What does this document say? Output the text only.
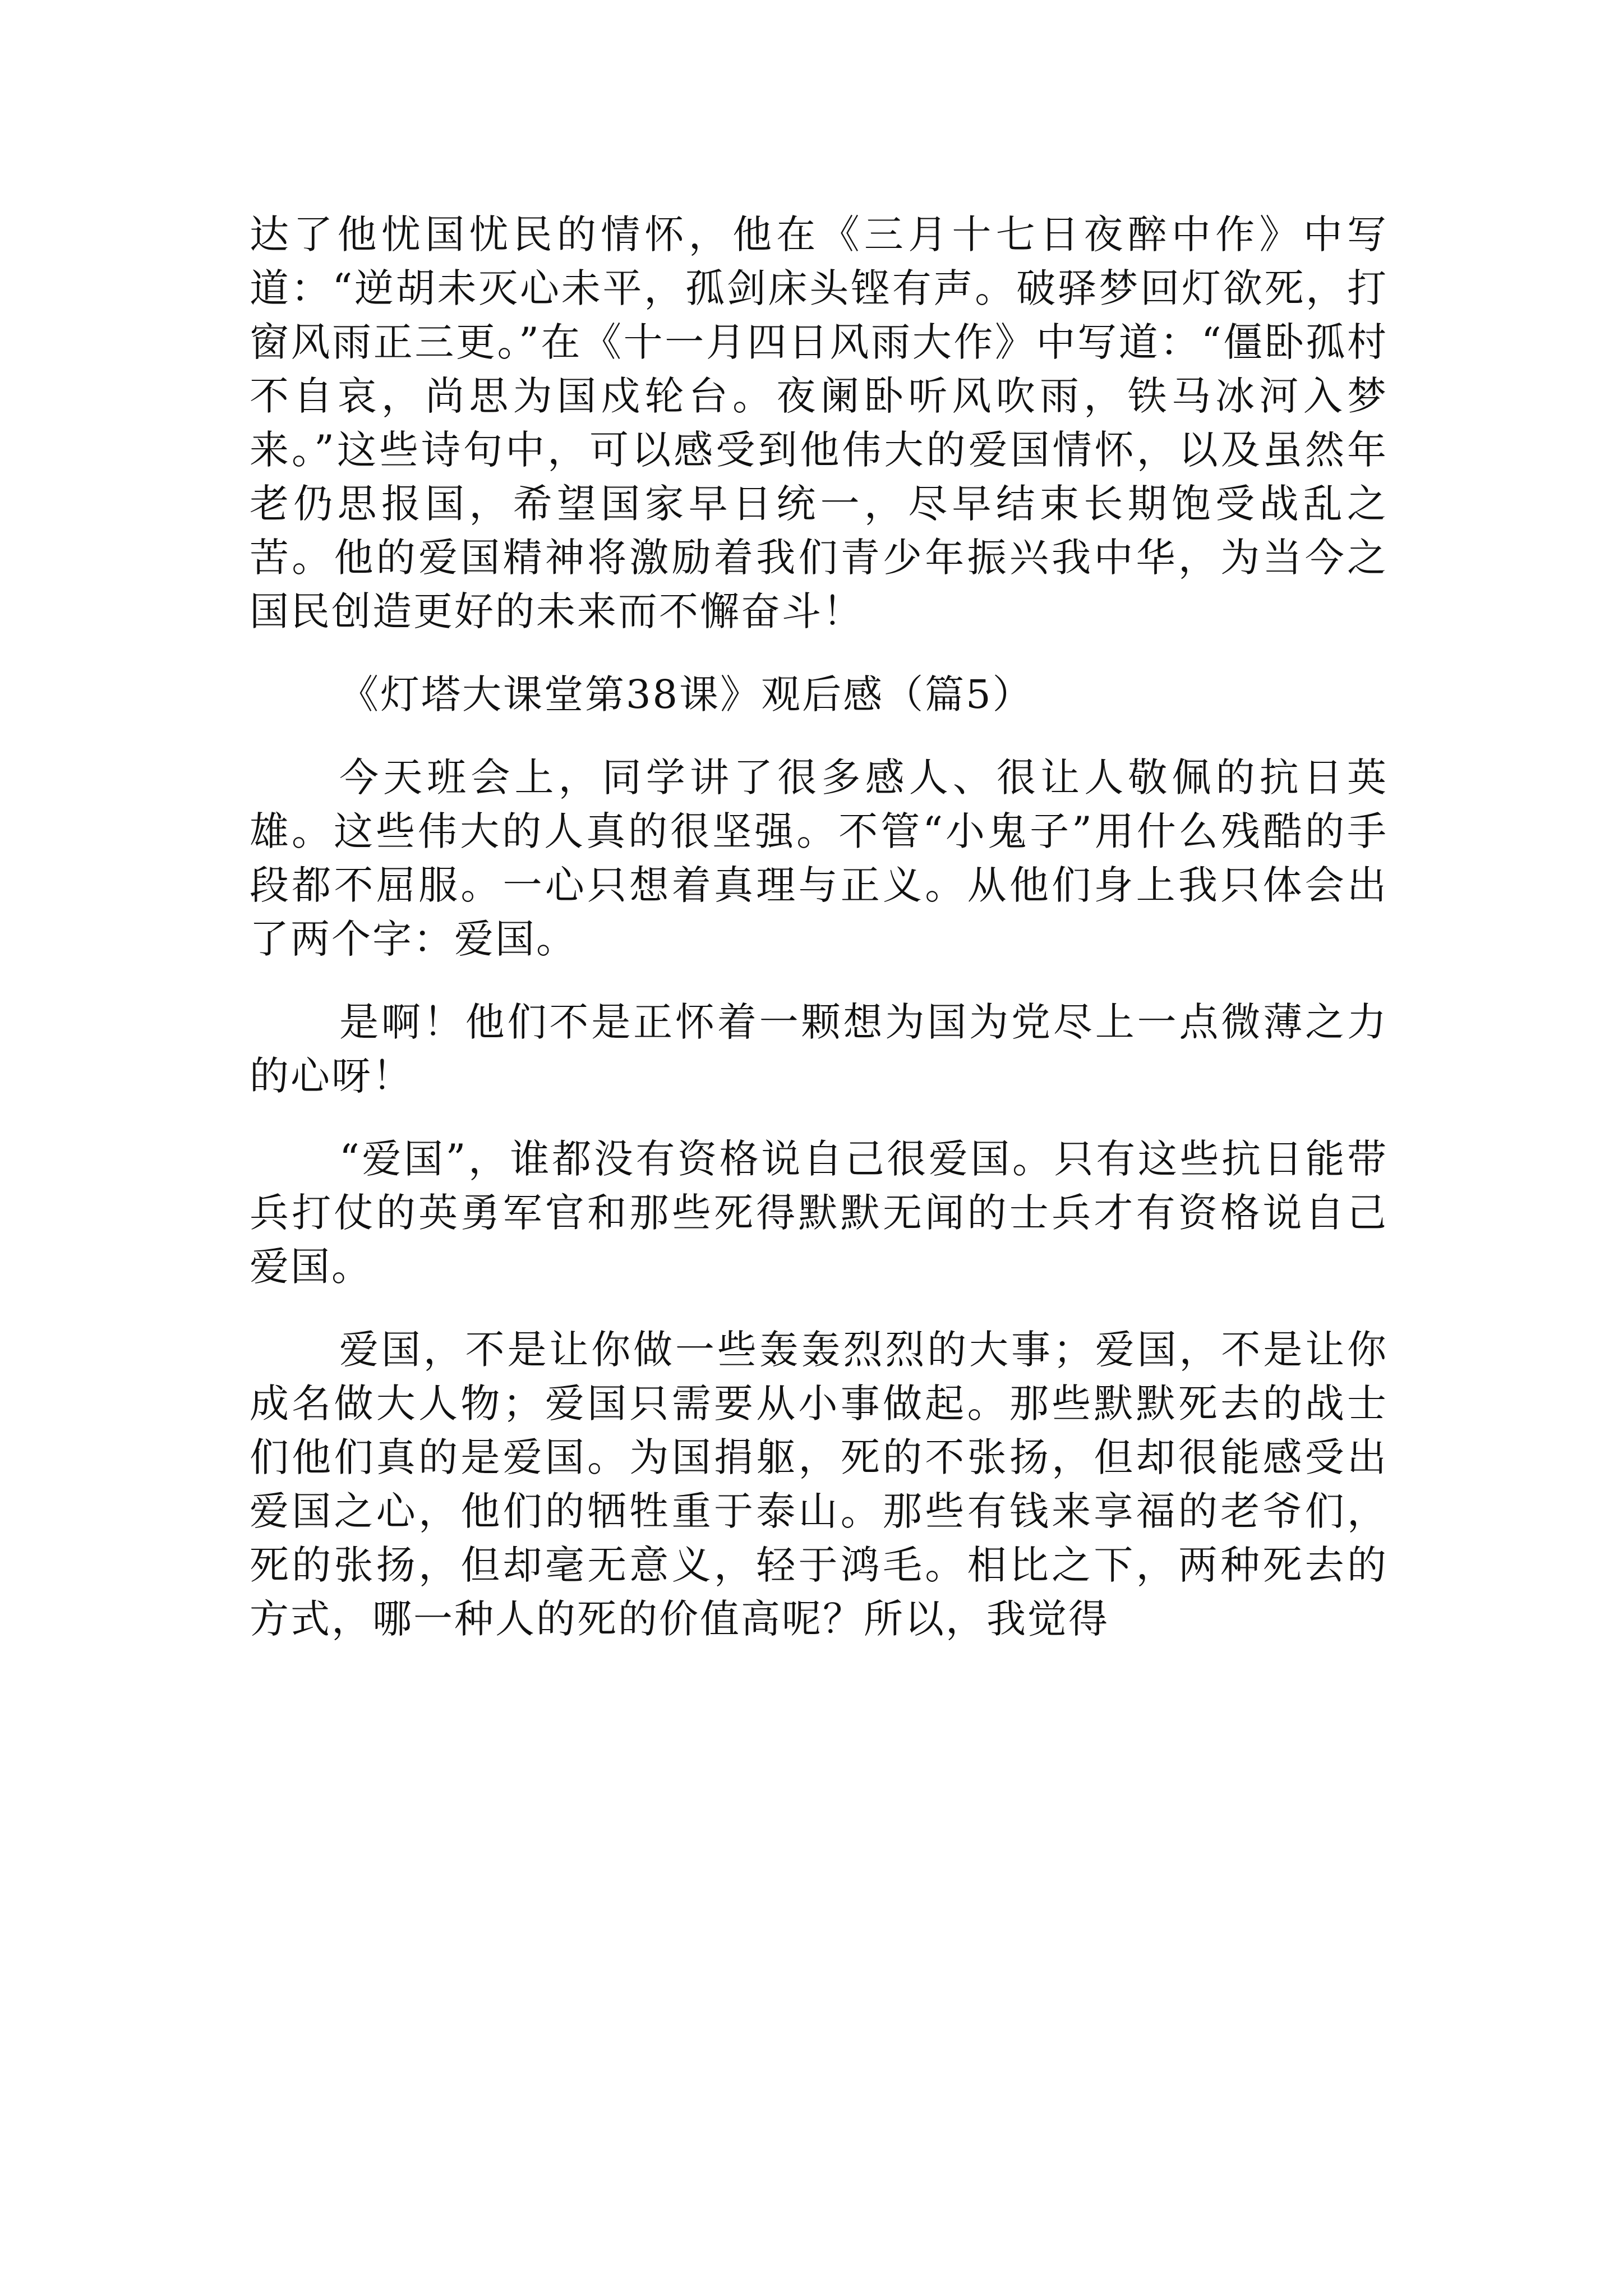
达了他忧国忧民的情怀，他在《三月十七日夜醉中作》中写道：“逆胡未灭心未平，孤剑床头铿有声。破驿梦回灯欲死，打窗风雨正三更。”在《十一月四日风雨大作》中写道：“僵卧孤村不自哀，尚思为国戍轮台。夜阑卧听风吹雨，铁马冰河入梦来。”这些诗句中，可以感受到他伟大的爱国情怀，以及虽然年老仍思报国，希望国家早日统一，尽早结束长期饱受战乱之苦。他的爱国精神将激励着我们青少年振兴我中华，为当今之国民创造更好的未来而不懈奋斗！

《灯塔大课堂第38课》观后感（篇5）

今天班会上，同学讲了很多感人、很让人敬佩的抗日英雄。这些伟大的人真的很坚强。不管“小鬼子”用什么残酷的手段都不屈服。一心只想着真理与正义。从他们身上我只体会出了两个字：爱国。

是啊！他们不是正怀着一颗想为国为党尽上一点微薄之力的心呀！

“爱国”，谁都没有资格说自己很爱国。只有这些抗日能带兵打仗的英勇军官和那些死得默默无闻的士兵才有资格说自己爱国。

爱国，不是让你做一些轰轰烈烈的大事；爱国，不是让你成名做大人物；爱国只需要从小事做起。那些默默死去的战士们他们真的是爱国。为国捐躯，死的不张扬，但却很能感受出爱国之心，他们的牺牲重于泰山。那些有钱来享福的老爷们，死的张扬，但却毫无意义，轻于鸿毛。相比之下，两种死去的方式，哪一种人的死的价值高呢？所以，我觉得
